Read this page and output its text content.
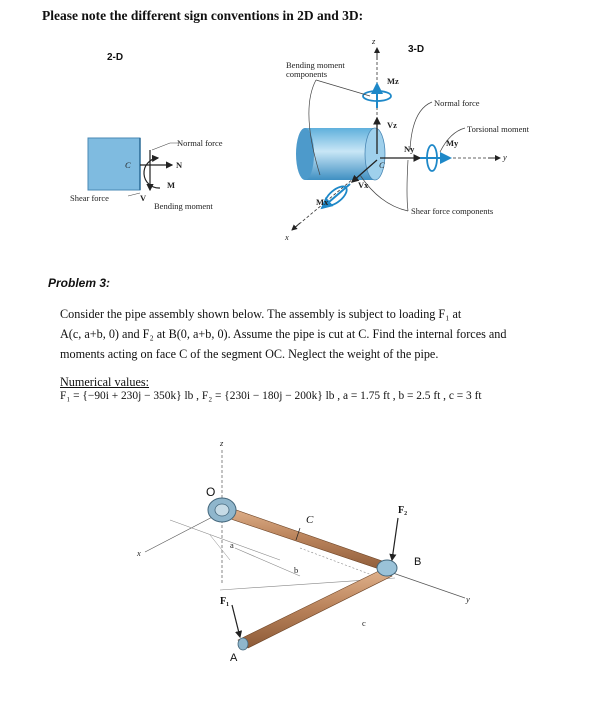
Please note the different sign conventions in 2D and 3D:
2-D
Normal force
Shear force
Bending moment
C	N
M
V
3-D
Bending moment
components
Normal force
Torsional moment
Shear force components
z
x
y
C
Mz
Vz
Ny
My
Mx
Vx
Problem 3:
Consider the pipe assembly shown below. The assembly is subject to loading F₁ at
A(c, a+b, 0) and F₂ at B(0, a+b, 0). Assume the pipe is cut at C. Find the internal forces and
moments acting on face C of the segment OC. Neglect the weight of the pipe.
Numerical values:
F₁ = {−90i + 230j − 350k} lb , F₂ = {230i − 180j − 200k} lb , a = 1.75 ft , b = 2.5 ft , c = 3 ft
O
z
x
y
a
b
c
C
B
A
F₁
F₂
